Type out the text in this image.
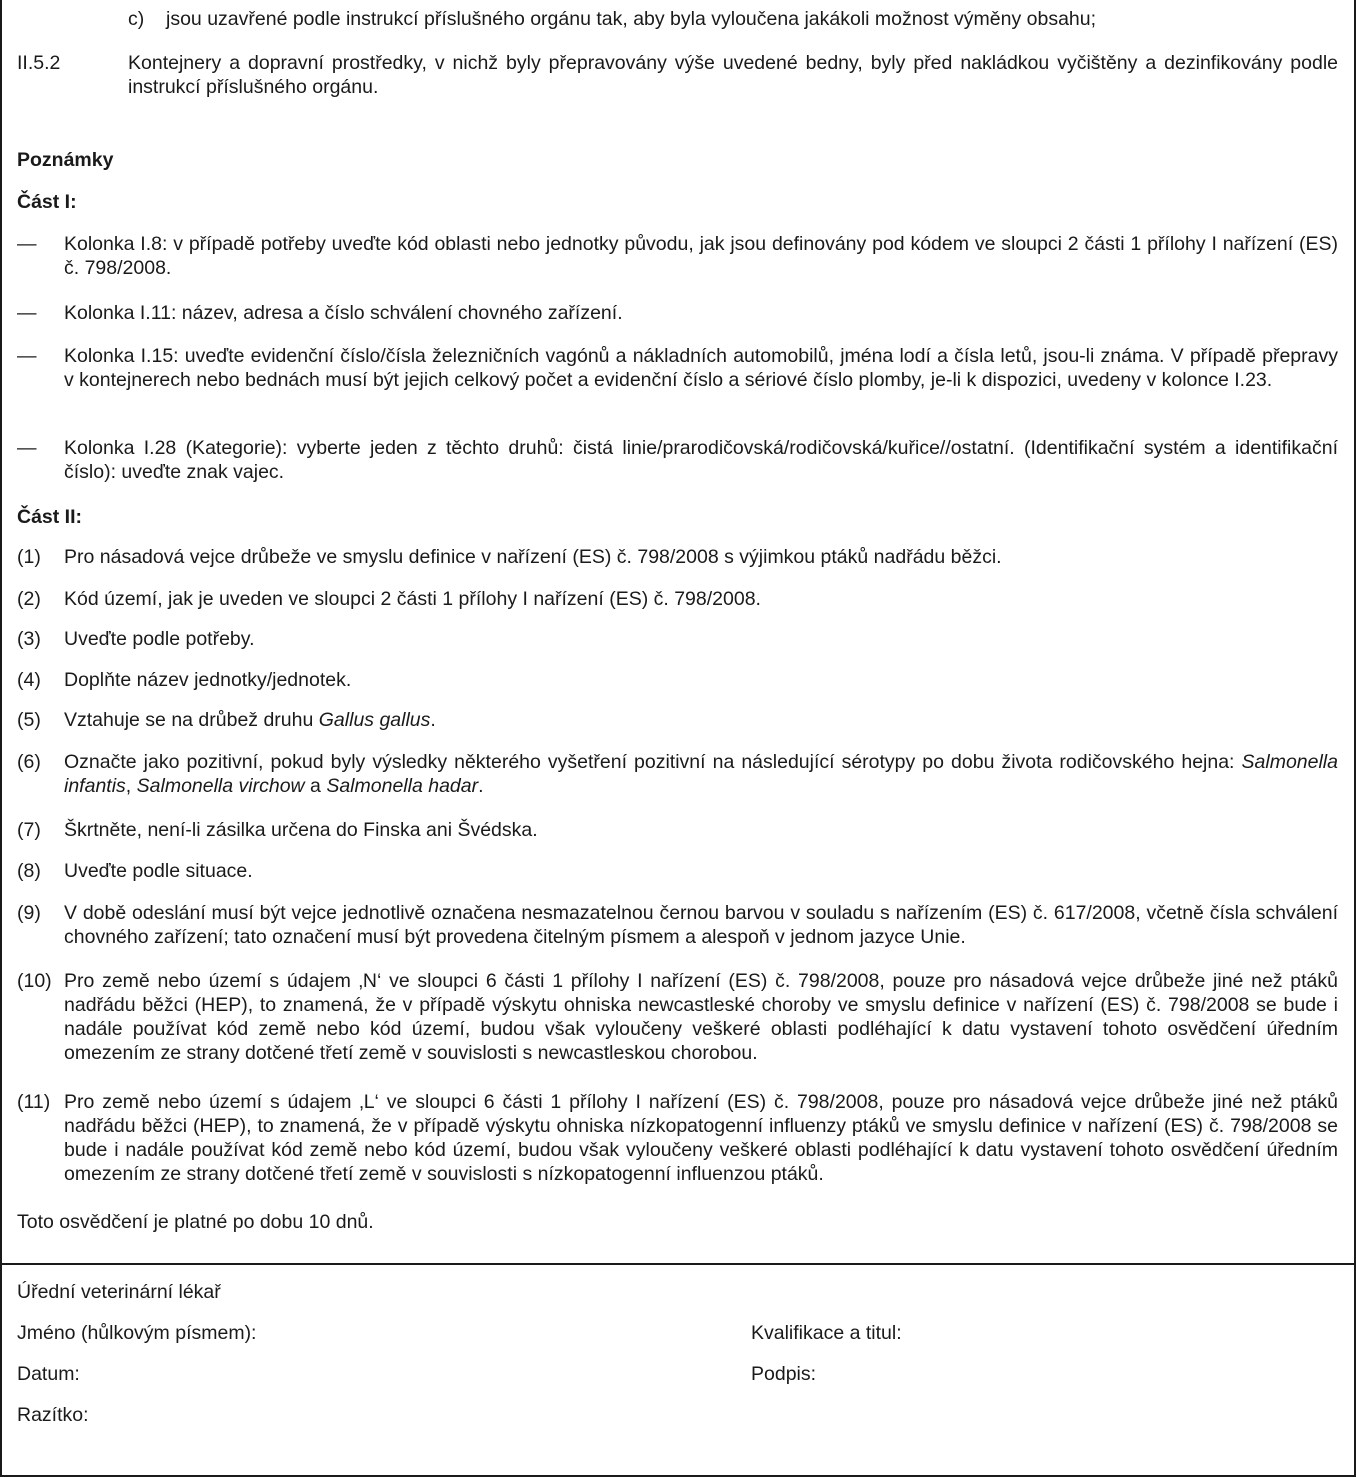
c) jsou uzavřené podle instrukcí příslušného orgánu tak, aby byla vyloučena jakákoli možnost výměny obsahu;

II.5.2	Kontejnery a dopravní prostředky, v nichž byly přepravovány výše uvedené bedny, byly před nakládkou vyčištěny a dezinfikovány podle instrukcí příslušného orgánu.

Poznámky

Část I:

— Kolonka I.8: v případě potřeby uveďte kód oblasti nebo jednotky původu, jak jsou definovány pod kódem ve sloupci 2 části 1 přílohy I nařízení (ES) č. 798/2008.

— Kolonka I.11: název, adresa a číslo schválení chovného zařízení.

— Kolonka I.15: uveďte evidenční číslo/čísla železničních vagónů a nákladních automobilů, jména lodí a čísla letů, jsou-li známa. V případě přepravy v kontejnerech nebo bednách musí být jejich celkový počet a evidenční číslo a sériové číslo plomby, je-li k dispozici, uvedeny v kolonce I.23.

— Kolonka I.28 (Kategorie): vyberte jeden z těchto druhů: čistá linie/prarodičovská/rodičovská/kuřice//ostatní. (Identifikační systém a identifikační číslo): uveďte znak vajec.

Část II:

(1) Pro násadová vejce drůbeže ve smyslu definice v nařízení (ES) č. 798/2008 s výjimkou ptáků nadřádu běžci.

(2) Kód území, jak je uveden ve sloupci 2 části 1 přílohy I nařízení (ES) č. 798/2008.

(3) Uveďte podle potřeby.

(4) Doplňte název jednotky/jednotek.

(5) Vztahuje se na drůbež druhu Gallus gallus.

(6) Označte jako pozitivní, pokud byly výsledky některého vyšetření pozitivní na následující sérotypy po dobu života rodičovského hejna: Salmonella infantis, Salmonella virchow a Salmonella hadar.

(7) Škrtněte, není-li zásilka určena do Finska ani Švédska.

(8) Uveďte podle situace.

(9) V době odeslání musí být vejce jednotlivě označena nesmazatelnou černou barvou v souladu s nařízením (ES) č. 617/2008, včetně čísla schválení chovného zařízení; tato označení musí být provedena čitelným písmem a alespoň v jednom jazyce Unie.

(10) Pro země nebo území s údajem ‚N‘ ve sloupci 6 části 1 přílohy I nařízení (ES) č. 798/2008, pouze pro násadová vejce drůbeže jiné než ptáků nadřádu běžci (HEP), to znamená, že v případě výskytu ohniska newcastleské choroby ve smyslu definice v nařízení (ES) č. 798/2008 se bude i nadále používat kód země nebo kód území, budou však vyloučeny veškeré oblasti podléhající k datu vystavení tohoto osvědčení úředním omezením ze strany dotčené třetí země v souvislosti s newcastleskou chorobou.

(11) Pro země nebo území s údajem ‚L‘ ve sloupci 6 části 1 přílohy I nařízení (ES) č. 798/2008, pouze pro násadová vejce drůbeže jiné než ptáků nadřádu běžci (HEP), to znamená, že v případě výskytu ohniska nízkopatogenní influenzy ptáků ve smyslu definice v nařízení (ES) č. 798/2008 se bude i nadále používat kód země nebo kód území, budou však vyloučeny veškeré oblasti podléhající k datu vystavení tohoto osvědčení úředním omezením ze strany dotčené třetí země v souvislosti s nízkopatogenní influenzou ptáků.

Toto osvědčení je platné po dobu 10 dnů.

Úřední veterinární lékař

Jméno (hůlkovým písmem):	Kvalifikace a titul:

Datum:	Podpis:

Razítko:
